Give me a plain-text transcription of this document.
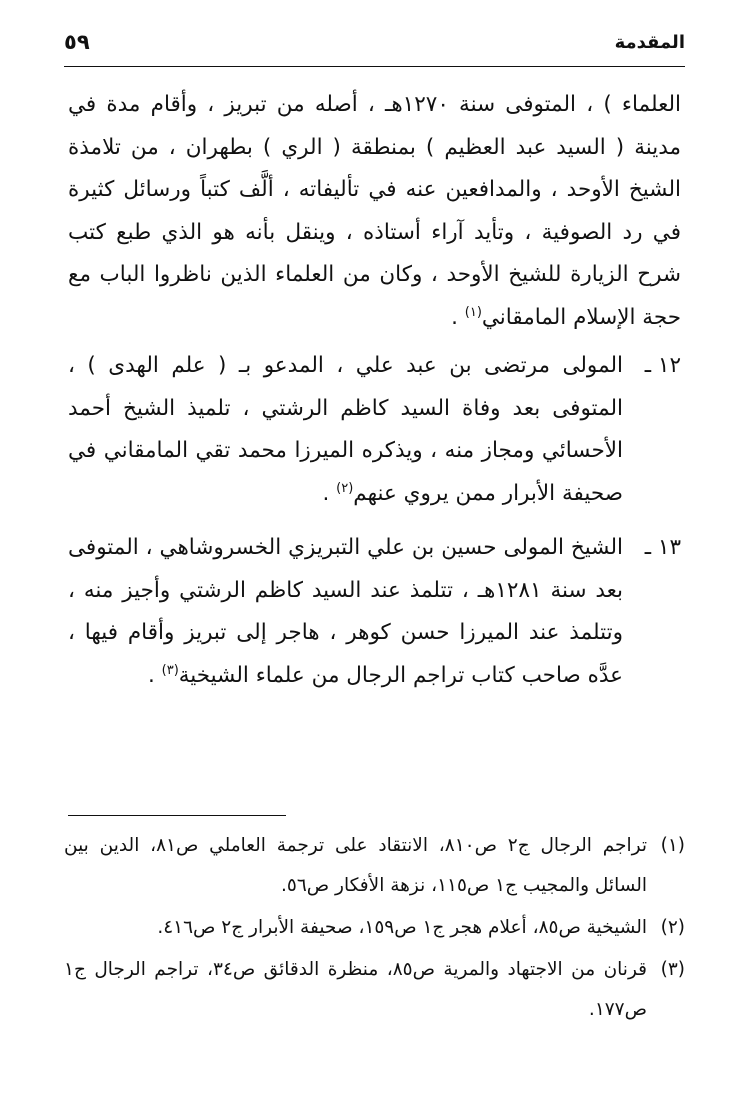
المقدمة
٥٩

العلماء ) ، المتوفى سنة ١٢٧٠هـ ، أصله من تبريز ، وأقام مدة في مدينة ( السيد عبد العظيم ) بمنطقة ( الري ) بطهران ، من تلامذة الشيخ الأوحد ، والمدافعين عنه في تأليفاته ، ألَّف كتباً ورسائل كثيرة في رد الصوفية ، وتأيد آراء أستاذه ، وينقل بأنه هو الذي طبع كتب شرح الزيارة للشيخ الأوحد ، وكان من العلماء الذين ناظروا الباب مع حجة الإسلام المامقاني$^{(١)}$ .

١٢ ـ
المولى مرتضى بن عبد علي ، المدعو بـ ( علم الهدى ) ، المتوفى بعد وفاة السيد كاظم الرشتي ، تلميذ الشيخ أحمد الأحسائي ومجاز منه ، ويذكره الميرزا محمد تقي المامقاني في صحيفة الأبرار ممن يروي عنهم$^{(٢)}$ .

١٣ ـ
الشيخ المولى حسين بن علي التبريزي الخسروشاهي ، المتوفى بعد سنة ١٢٨١هـ ، تتلمذ عند السيد كاظم الرشتي وأجيز منه ، وتتلمذ عند الميرزا حسن كوهر ، هاجر إلى تبريز وأقام فيها ، عدَّه صاحب كتاب تراجم الرجال من علماء الشيخية$^{(٣)}$ .

(١)
تراجم الرجال ج٢ ص٨١٠، الانتقاد على ترجمة العاملي ص٨١، الدين بين السائل والمجيب ج١ ص١١٥، نزهة الأفكار ص٥٦.

(٢)
الشيخية ص٨٥، أعلام هجر ج١ ص١٥٩، صحيفة الأبرار ج٢ ص٤١٦.

(٣)
قرنان من الاجتهاد والمرية ص٨٥، منظرة الدقائق ص٣٤، تراجم الرجال ج١ ص١٧٧.
